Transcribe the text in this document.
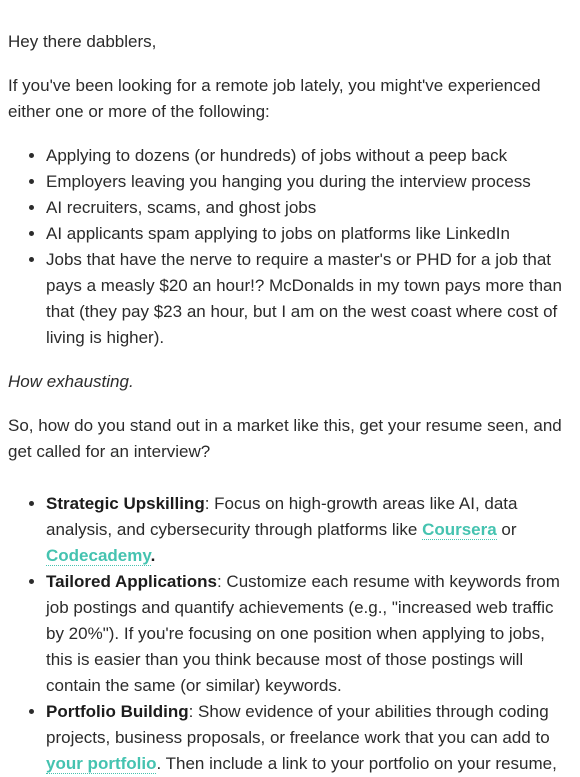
Hey there dabblers,

If you've been looking for a remote job lately, you might've experienced either one or more of the following:

• Applying to dozens (or hundreds) of jobs without a peep back
• Employers leaving you hanging you during the interview process
• AI recruiters, scams, and ghost jobs
• AI applicants spam applying to jobs on platforms like LinkedIn
• Jobs that have the nerve to require a master's or PHD for a job that pays a measly $20 an hour!? McDonalds in my town pays more than that (they pay $23 an hour, but I am on the west coast where cost of living is higher).

How exhausting.

So, how do you stand out in a market like this, get your resume seen, and get called for an interview?

• Strategic Upskilling: Focus on high-growth areas like AI, data analysis, and cybersecurity through platforms like Coursera or Codecademy.
• Tailored Applications: Customize each resume with keywords from job postings and quantify achievements (e.g., "increased web traffic by 20%"). If you're focusing on one position when applying to jobs, this is easier than you think because most of those postings will contain the same (or similar) keywords.
• Portfolio Building: Show evidence of your abilities through coding projects, business proposals, or freelance work that you can add to your portfolio. Then include a link to your portfolio on your resume,
